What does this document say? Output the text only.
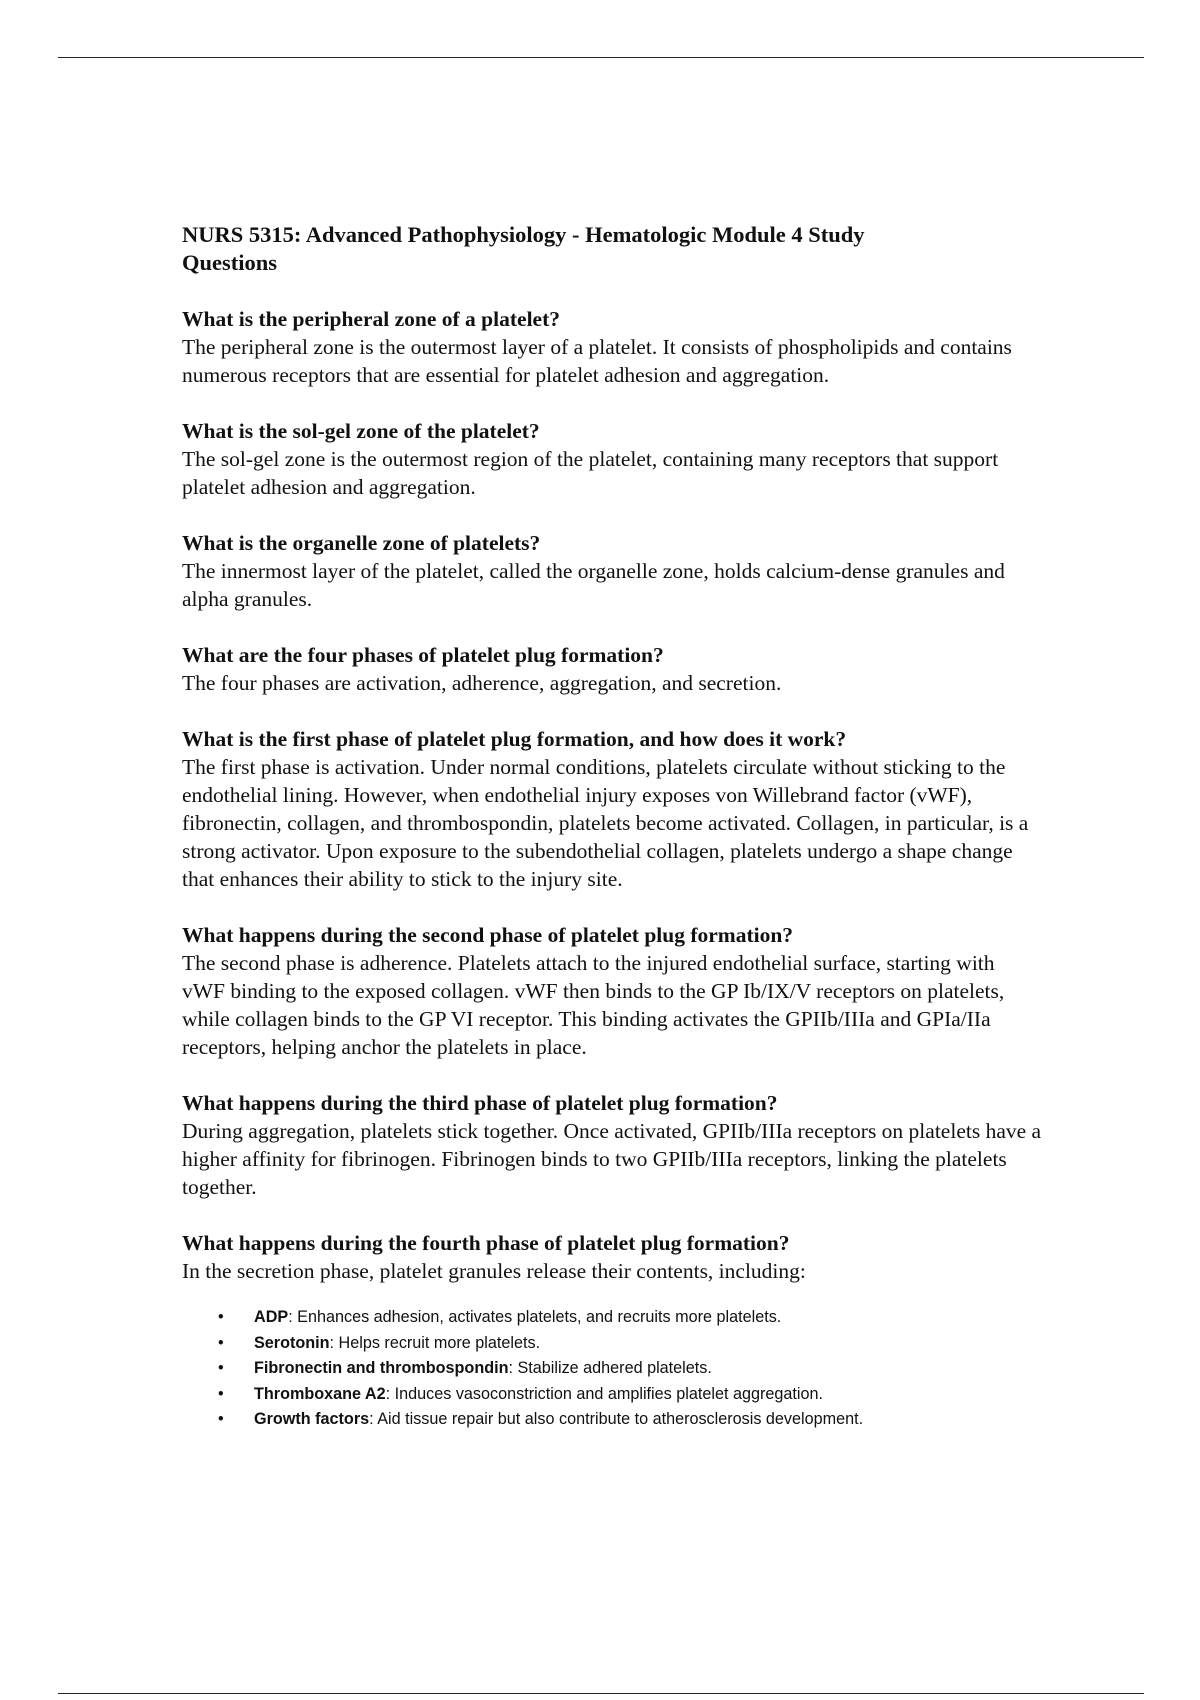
NURS 5315: Advanced Pathophysiology - Hematologic Module 4 Study Questions

What is the peripheral zone of a platelet?

The peripheral zone is the outermost layer of a platelet. It consists of phospholipids and contains numerous receptors that are essential for platelet adhesion and aggregation.

What is the sol-gel zone of the platelet?

The sol-gel zone is the outermost region of the platelet, containing many receptors that support platelet adhesion and aggregation.

What is the organelle zone of platelets?

The innermost layer of the platelet, called the organelle zone, holds calcium-dense granules and alpha granules.

What are the four phases of platelet plug formation?

The four phases are activation, adherence, aggregation, and secretion.

What is the first phase of platelet plug formation, and how does it work?

The first phase is activation. Under normal conditions, platelets circulate without sticking to the endothelial lining. However, when endothelial injury exposes von Willebrand factor (vWF), fibronectin, collagen, and thrombospondin, platelets become activated. Collagen, in particular, is a strong activator. Upon exposure to the subendothelial collagen, platelets undergo a shape change that enhances their ability to stick to the injury site.

What happens during the second phase of platelet plug formation?

The second phase is adherence. Platelets attach to the injured endothelial surface, starting with vWF binding to the exposed collagen. vWF then binds to the GP Ib/IX/V receptors on platelets, while collagen binds to the GP VI receptor. This binding activates the GPIIb/IIIa and GPIa/IIa receptors, helping anchor the platelets in place.

What happens during the third phase of platelet plug formation?

During aggregation, platelets stick together. Once activated, GPIIb/IIIa receptors on platelets have a higher affinity for fibrinogen. Fibrinogen binds to two GPIIb/IIIa receptors, linking the platelets together.

What happens during the fourth phase of platelet plug formation?

In the secretion phase, platelet granules release their contents, including:

• ADP: Enhances adhesion, activates platelets, and recruits more platelets.
• Serotonin: Helps recruit more platelets.
• Fibronectin and thrombospondin: Stabilize adhered platelets.
• Thromboxane A2: Induces vasoconstriction and amplifies platelet aggregation.
• Growth factors: Aid tissue repair but also contribute to atherosclerosis development.
